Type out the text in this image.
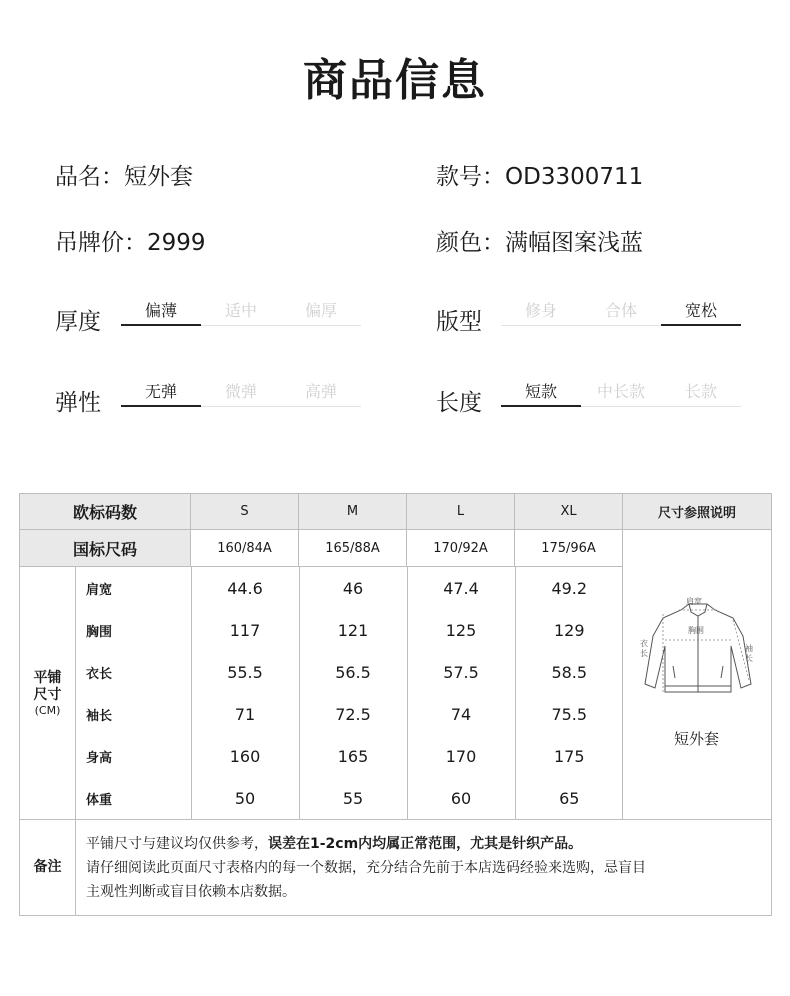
商品信息
品名：短外套	款号：OD3300711
吊牌价：2999	颜色：满幅图案浅蓝
厚度	偏薄	适中	偏厚	版型	修身	合体	宽松
弹性	无弹	微弹	高弹	长度	短款	中长款	长款
欧标码数	S	M	L	XL	尺寸参照说明
国标尺码	160/84A	165/88A	170/92A	175/96A	
肩宽
胸围
衣
长
袖
长
短外套

平铺
尺寸
(CM)

肩宽	44.6	46	47.4	49.2
胸围	117	121	125	129
衣长	55.5	56.5	57.5	58.5
袖长	71	72.5	74	75.5
身高	160	165	170	175
体重	50	55	60	65

备注	
平铺尺寸与建议均仅供参考，误差在1-2cm内均属正常范围，尤其是针织产品。
请仔细阅读此页面尺寸表格内的每一个数据，充分结合先前于本店选码经验来选购，忌盲目
主观性判断或盲目依赖本店数据。
